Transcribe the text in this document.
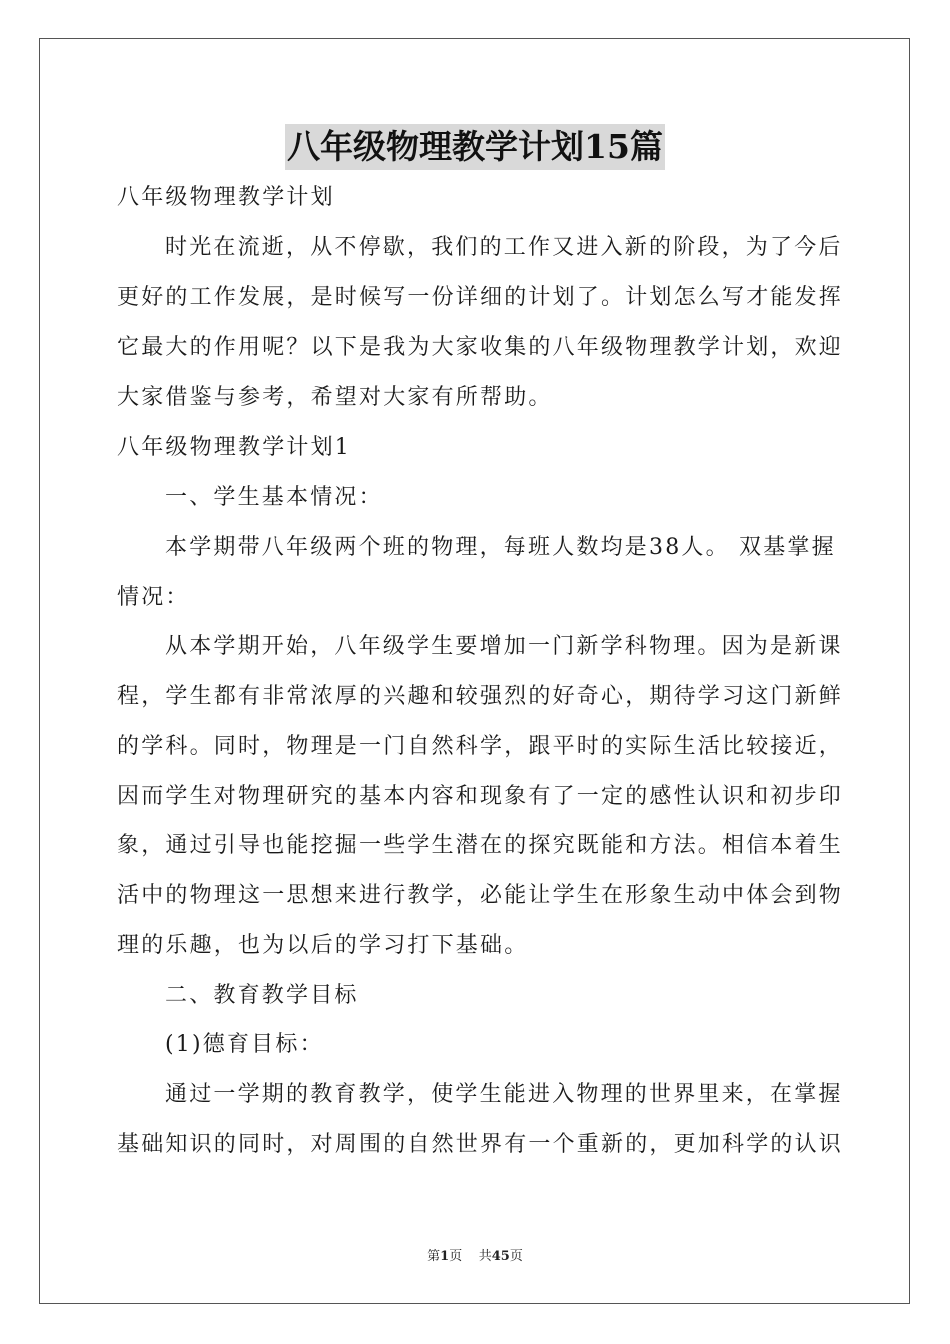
八年级物理教学计划15篇
八年级物理教学计划
时光在流逝，从不停歇，我们的工作又进入新的阶段，为了今后
更好的工作发展，是时候写一份详细的计划了。计划怎么写才能发挥
它最大的作用呢？以下是我为大家收集的八年级物理教学计划，欢迎
大家借鉴与参考，希望对大家有所帮助。
八年级物理教学计划1
一、学生基本情况：
本学期带八年级两个班的物理，每班人数均是38人。 双基掌握
情况：
从本学期开始，八年级学生要增加一门新学科物理。因为是新课
程，学生都有非常浓厚的兴趣和较强烈的好奇心，期待学习这门新鲜
的学科。同时，物理是一门自然科学，跟平时的实际生活比较接近，
因而学生对物理研究的基本内容和现象有了一定的感性认识和初步印
象，通过引导也能挖掘一些学生潜在的探究既能和方法。相信本着生
活中的物理这一思想来进行教学，必能让学生在形象生动中体会到物
理的乐趣，也为以后的学习打下基础。
二、教育教学目标
(1)德育目标：
通过一学期的教育教学，使学生能进入物理的世界里来，在掌握
基础知识的同时，对周围的自然世界有一个重新的，更加科学的认识
第1页 共45页
